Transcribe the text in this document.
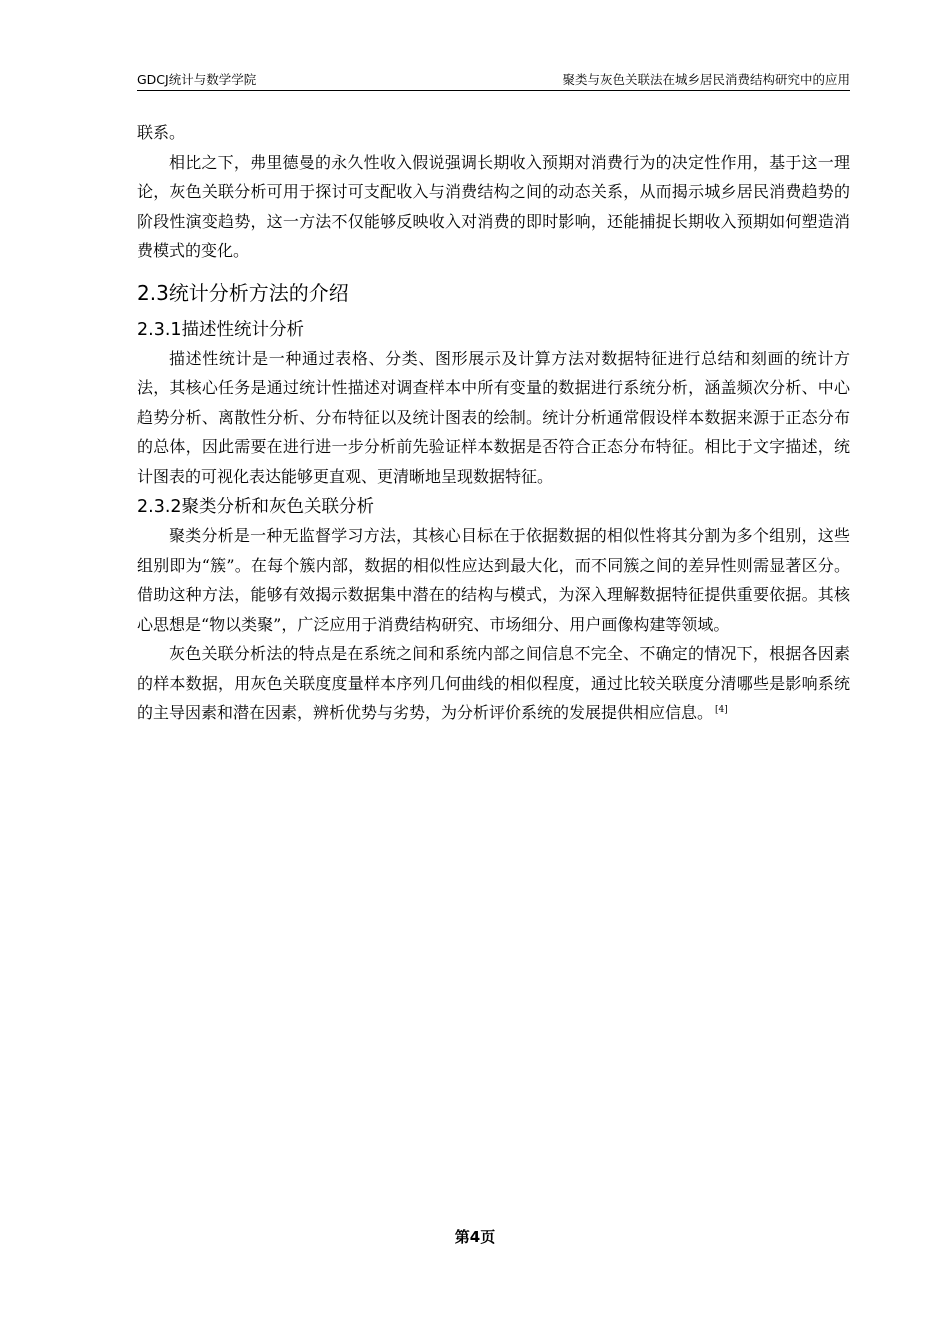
GDCJ统计与数学学院	聚类与灰色关联法在城乡居民消费结构研究中的应用

联系。

相比之下，弗里德曼的永久性收入假说强调长期收入预期对消费行为的决定性作用，基于这一理论，灰色关联分析可用于探讨可支配收入与消费结构之间的动态关系，从而揭示城乡居民消费趋势的阶段性演变趋势，这一方法不仅能够反映收入对消费的即时影响，还能捕捉长期收入预期如何塑造消费模式的变化。

2.3统计分析方法的介绍
2.3.1描述性统计分析

描述性统计是一种通过表格、分类、图形展示及计算方法对数据特征进行总结和刻画的统计方法，其核心任务是通过统计性描述对调查样本中所有变量的数据进行系统分析，涵盖频次分析、中心趋势分析、离散性分析、分布特征以及统计图表的绘制。统计分析通常假设样本数据来源于正态分布的总体，因此需要在进行进一步分析前先验证样本数据是否符合正态分布特征。相比于文字描述，统计图表的可视化表达能够更直观、更清晰地呈现数据特征。

2.3.2聚类分析和灰色关联分析

聚类分析是一种无监督学习方法，其核心目标在于依据数据的相似性将其分割为多个组别，这些组别即为“簇”。在每个簇内部，数据的相似性应达到最大化，而不同簇之间的差异性则需显著区分。借助这种方法，能够有效揭示数据集中潜在的结构与模式，为深入理解数据特征提供重要依据。其核心思想是“物以类聚”，广泛应用于消费结构研究、市场细分、用户画像构建等领域。

灰色关联分析法的特点是在系统之间和系统内部之间信息不完全、不确定的情况下，根据各因素的样本数据，用灰色关联度度量样本序列几何曲线的相似程度，通过比较关联度分清哪些是影响系统的主导因素和潜在因素，辨析优势与劣势，为分析评价系统的发展提供相应信息。 [4]

第4页
